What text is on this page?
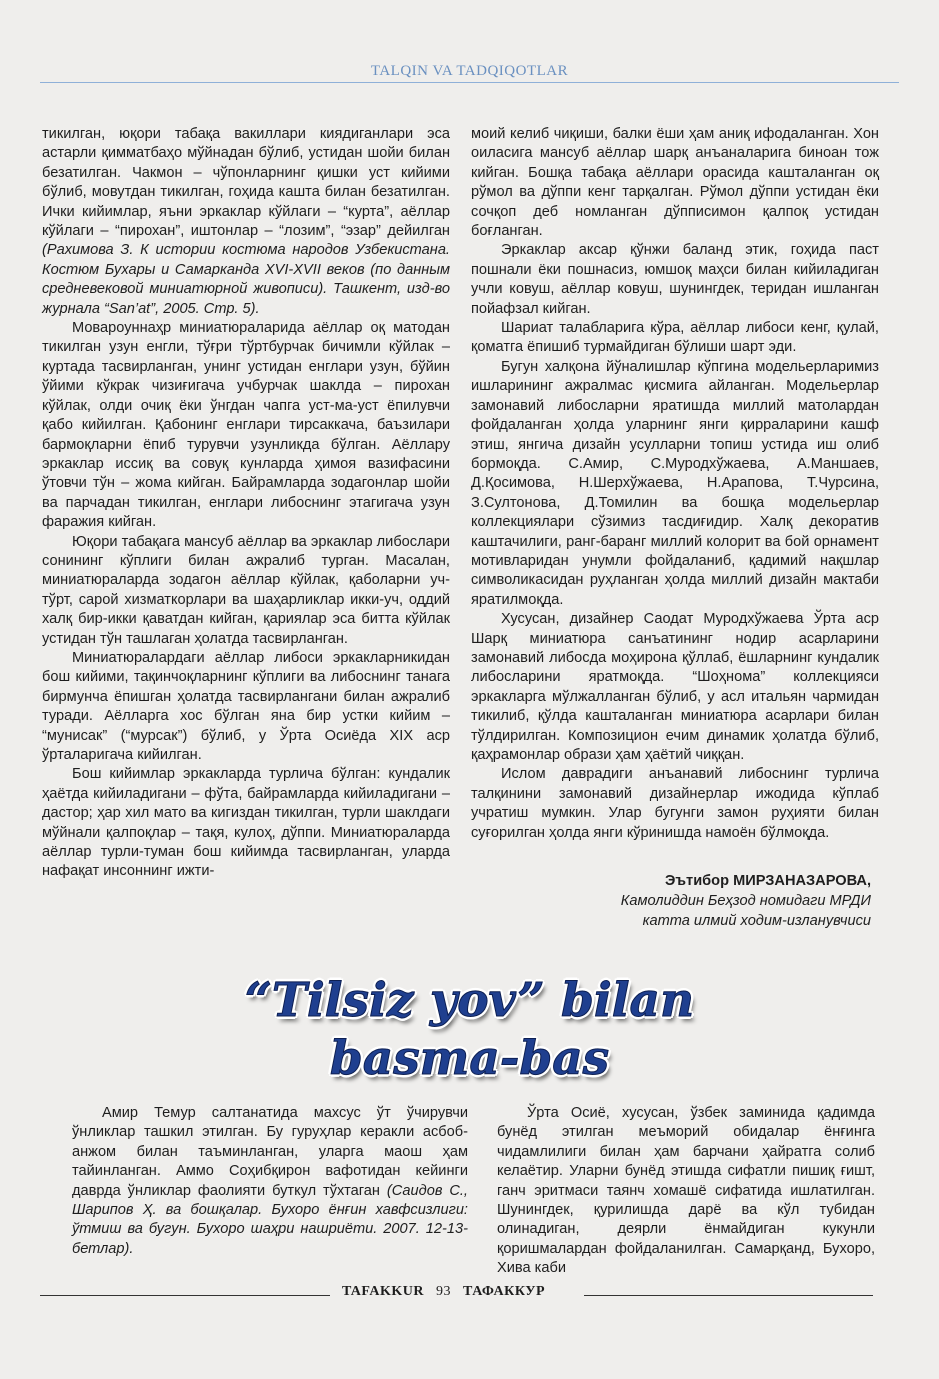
TALQIN VA TADQIQOTLAR

тикилган, юқори табақа вакиллари киядиганлари эса астарли қимматбаҳо мўйнадан бўлиб, устидан шойи билан безатилган. Чакмон – чўпонларнинг қишки уст кийими бўлиб, мовутдан тикилган, гоҳида кашта билан безатилган. Ички кийимлар, яъни эркаклар кўйлаги – “курта”, аёллар кўйлаги – “пирохан”, иштонлар – “лозим”, “эзар” дейилган (Рахимова З. К истории костюма народов Узбекистана. Костюм Бухары и Самарканда XVI-XVII веков (по данным средневековой миниатюрной живописи). Ташкент, изд-во журнала “San’at”, 2005. Стр. 5).

Мовароуннаҳр миниатюраларида аёллар оқ матодан тикилган узун енгли, тўғри тўртбурчак бичимли кўйлак – куртада тасвирланган, унинг устидан енглари узун, бўйин ўйими кўкрак чизиғигача учбурчак шаклда – пирохан кўйлак, олди очиқ ёки ўнгдан чапга уст-ма-уст ёпилувчи қабо кийилган. Қабонинг енглари тирсаккача, баъзилари бармоқларни ёпиб турувчи узунликда бўлган. Аёллару эркаклар иссиқ ва совуқ кунларда ҳимоя вазифасини ўтовчи тўн – жома кийган. Байрамларда зодагонлар шойи ва парчадан тикилган, енглари либоснинг этагигача узун фаражия кийган.

Юқори табақага мансуб аёллар ва эркаклар либослари сонининг кўплиги билан ажралиб турган. Масалан, миниатюраларда зодагон аёллар кўйлак, қаболарни уч-тўрт, сарой хизматкорлари ва шаҳарликлар икки-уч, оддий халқ бир-икки қаватдан кийган, қариялар эса битта кўйлак устидан тўн ташлаган ҳолатда тасвирланган.

Миниатюралардаги аёллар либоси эркакларникидан бош кийими, тақинчоқларнинг кўплиги ва либоснинг танага бирмунча ёпишган ҳолатда тасвирлангани билан ажралиб туради. Аёлларга хос бўлган яна бир устки кийим – “мунисак” (“мурсак”) бўлиб, у Ўрта Осиёда XIX аср ўрталаригача кийилган.

Бош кийимлар эркакларда турлича бўлган: кундалик ҳаётда кийиладигани – фўта, байрамларда кийиладигани – дастор; ҳар хил мато ва кигиздан тикилган, турли шаклдаги мўйнали қалпоқлар – тақя, кулоҳ, дўппи. Миниатюраларда аёллар турли-туман бош кийимда тасвирланган, уларда нафақат инсоннинг ижти-

моий келиб чиқиши, балки ёши ҳам аниқ ифодаланган. Хон оиласига мансуб аёллар шарқ анъаналарига биноан тож кийган. Бошқа табақа аёллари орасида кашталанган оқ рўмол ва дўппи кенг тарқалган. Рўмол дўппи устидан ёки сочқоп деб номланган дўпписимон қалпоқ устидан боғланган.

Эркаклар аксар қўнжи баланд этик, гоҳида паст пошнали ёки пошнасиз, юмшоқ маҳси билан кийиладиган учли ковуш, аёллар ковуш, шунингдек, теридан ишланган пойафзал кийган.

Шариат талабларига кўра, аёллар либоси кенг, қулай, қоматга ёпишиб турмайдиган бўлиши шарт эди.

Бугун халқона йўналишлар кўпгина модельерларимиз ишларининг ажралмас қисмига айланган. Модельерлар замонавий либосларни яратишда миллий матолардан фойдаланган ҳолда уларнинг янги қирраларини кашф этиш, янгича дизайн усулларни топиш устида иш олиб бормоқда. С.Амир, С.Муродхўжаева, А.Маншаев, Д.Қосимова, Н.Шерхўжаева, Н.Арапова, Т.Чурсина, З.Султонова, Д.Томилин ва бошқа модельерлар коллекциялари сўзимиз тасдиғидир. Халқ декоратив каштачилиги, ранг-баранг миллий колорит ва бой орнамент мотивларидан унумли фойдаланиб, қадимий нақшлар символикасидан руҳланган ҳолда миллий дизайн мактаби яратилмоқда.

Хусусан, дизайнер Саодат Муродхўжаева Ўрта аср Шарқ миниатюра санъатининг нодир асарларини замонавий либосда моҳирона қўллаб, ёшларнинг кундалик либосларини яратмоқда. “Шоҳнома” коллекцияси эркакларга мўлжалланган бўлиб, у асл итальян чармидан тикилиб, қўлда кашталанган миниатюра асарлари билан тўлдирилган. Композицион ечим динамик ҳолатда бўлиб, қаҳрамонлар образи ҳам ҳаётий чиққан.

Ислом даврадиги анъанавий либоснинг турлича талқинини замонавий дизайнерлар ижодида кўплаб учратиш мумкин. Улар бугунги замон руҳияти билан суғорилган ҳолда янги кўринишда намоён бўлмоқда.

Эътибор МИРЗАНАЗАРОВА,
Камолиддин Беҳзод номидаги МРДИ
катта илмий ходим-изланувчиси
“Tilsiz yov” bilan
basma-bas

Амир Темур салтанатида махсус ўт ўчирувчи ўнликлар ташкил этилган. Бу гуруҳлар керакли асбоб-анжом билан таъминланган, уларга маош ҳам тайинланган. Аммо Соҳибқирон вафотидан кейинги даврда ўнликлар фаолияти буткул тўхтаган (Саидов С., Шарипов Ҳ. ва бошқалар. Бухоро ёнғин хавфсизлиги: ўтмиш ва бугун. Бухоро шаҳри нашриёти. 2007. 12-13-бетлар).

Ўрта Осиё, хусусан, ўзбек заминида қадимда бунёд этилган меъморий обидалар ёнғинга чидамлилиги билан ҳам барчани ҳайратга солиб келаётир. Уларни бунёд этишда сифатли пишиқ ғишт, ганч эритмаси таянч хомашё сифатида ишлатилган. Шунингдек, қурилишда дарё ва кўл тубидан олинадиган, деярли ёнмайдиган кукунли қоришмалардан фойдаланилган. Самарқанд, Бухоро, Хива каби

TAFAKKUR 93 ТАФАККУР
